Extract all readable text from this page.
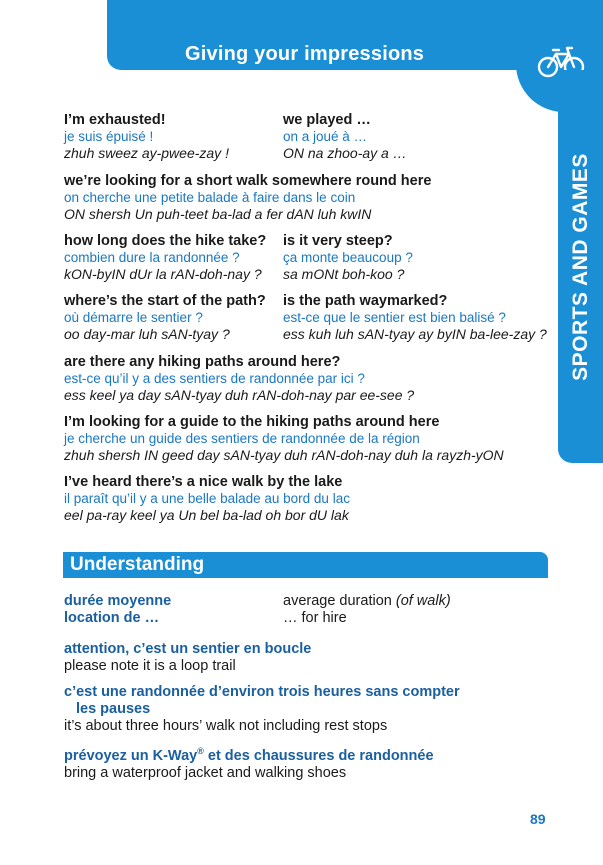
Giving your impressions
SPORTS AND GAMES
I’m exhausted!
je suis épuisé !
zhuh sweez ay-pwee-zay !
we played …
on a joué à …
ON na zhoo-ay a …
we’re looking for a short walk somewhere round here
on cherche une petite balade à faire dans le coin
ON shersh Un puh-teet ba-lad a fer dAN luh kwIN
how long does the hike take?
combien dure la randonnée ?
kON-byIN dUr la rAN-doh-nay ?
is it very steep?
ça monte beaucoup ?
sa mONt boh-koo ?
where’s the start of the path?
où démarre le sentier ?
oo day-mar luh sAN-tyay ?
is the path waymarked?
est-ce que le sentier est bien balisé ?
ess kuh luh sAN-tyay ay byIN ba-lee-zay ?
are there any hiking paths around here?
est-ce qu’il y a des sentiers de randonnée par ici ?
ess keel ya day sAN-tyay duh rAN-doh-nay par ee-see ?
I’m looking for a guide to the hiking paths around here
je cherche un guide des sentiers de randonnée de la région
zhuh shersh IN geed day sAN-tyay duh rAN-doh-nay duh la rayzh-yON
I’ve heard there’s a nice walk by the lake
il paraît qu’il y a une belle balade au bord du lac
eel pa-ray keel ya Un bel ba-lad oh bor dU lak
Understanding
durée moyenne
location de …
average duration (of walk)
… for hire
attention, c’est un sentier en boucle
please note it is a loop trail
c’est une randonnée d’environ trois heures sans compter
les pauses
it’s about three hours’ walk not including rest stops
prévoyez un K-Way® et des chaussures de randonnée
bring a waterproof jacket and walking shoes
89
